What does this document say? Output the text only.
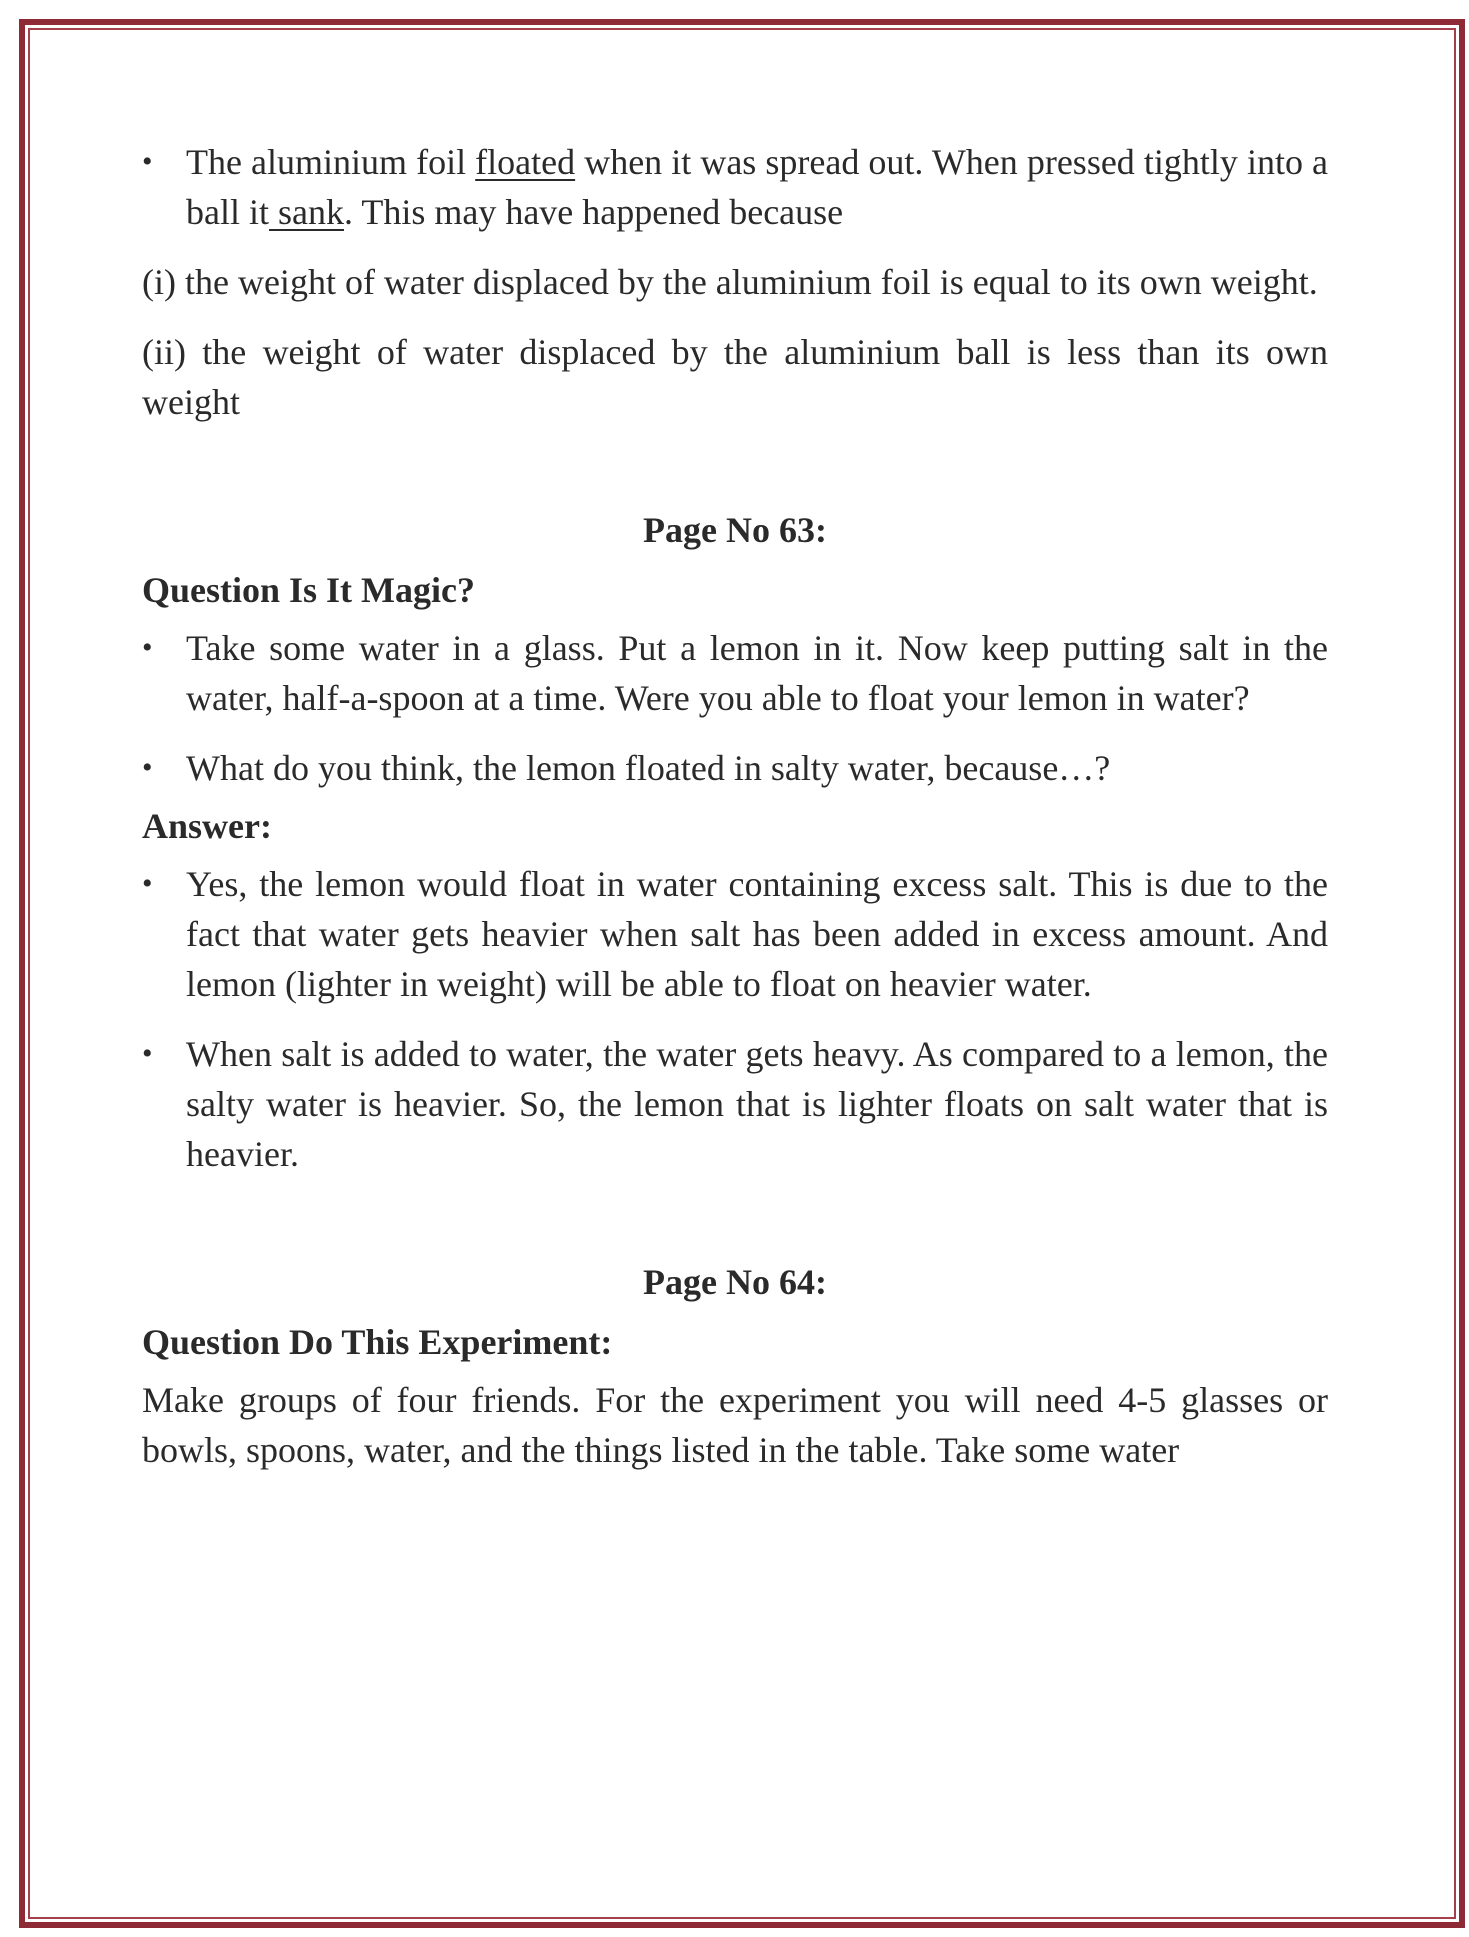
• The aluminium foil floated when it was spread out. When pressed tightly into a ball it sank. This may have happened because

(i) the weight of water displaced by the aluminium foil is equal to its own weight.

(ii) the weight of water displaced by the aluminium ball is less than its own weight

Page No 63:

Question Is It Magic?

• Take some water in a glass. Put a lemon in it. Now keep putting salt in the water, half-a-spoon at a time. Were you able to float your lemon in water?

• What do you think, the lemon floated in salty water, because…?

Answer:

• Yes, the lemon would float in water containing excess salt. This is due to the fact that water gets heavier when salt has been added in excess amount. And lemon (lighter in weight) will be able to float on heavier water.

• When salt is added to water, the water gets heavy. As compared to a lemon, the salty water is heavier. So, the lemon that is lighter floats on salt water that is heavier.

Page No 64:

Question Do This Experiment:

Make groups of four friends. For the experiment you will need 4-5 glasses or bowls, spoons, water, and the things listed in the table. Take some water
